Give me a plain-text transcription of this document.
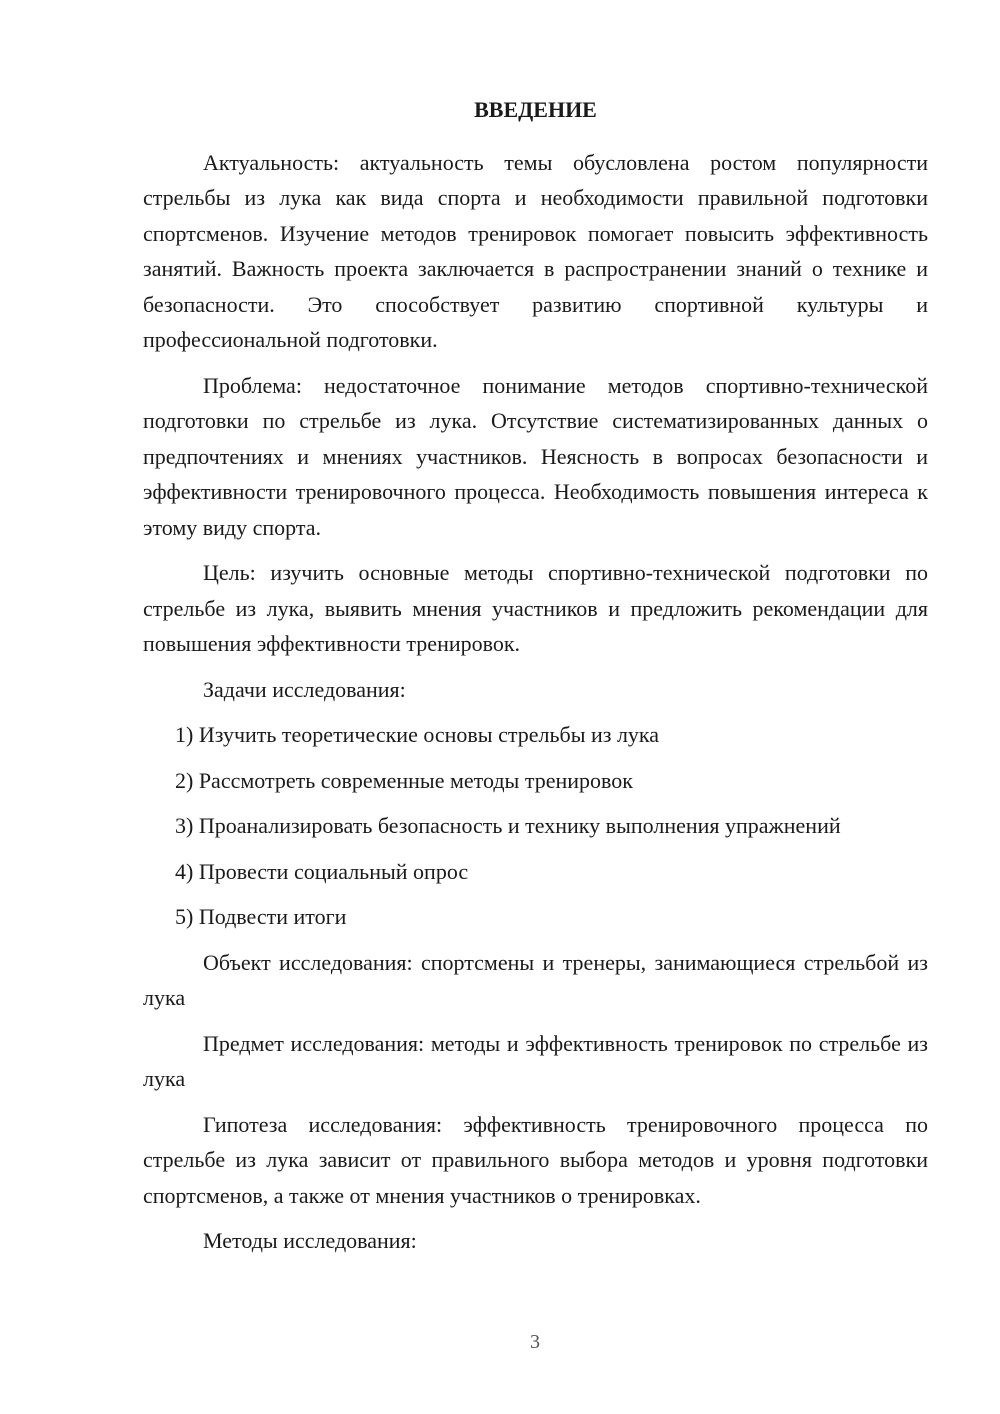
ВВЕДЕНИЕ

Актуальность: актуальность темы обусловлена ростом популярности стрельбы из лука как вида спорта и необходимости правильной подготовки спортсменов. Изучение методов тренировок помогает повысить эффективность занятий. Важность проекта заключается в распространении знаний о технике и безопасности. Это способствует развитию спортивной культуры и профессиональной подготовки.

Проблема: недостаточное понимание методов спортивно-технической подготовки по стрельбе из лука. Отсутствие систематизированных данных о предпочтениях и мнениях участников. Неясность в вопросах безопасности и эффективности тренировочного процесса. Необходимость повышения интереса к этому виду спорта.

Цель: изучить основные методы спортивно-технической подготовки по стрельбе из лука, выявить мнения участников и предложить рекомендации для повышения эффективности тренировок.

Задачи исследования:

1) Изучить теоретические основы стрельбы из лука
2) Рассмотреть современные методы тренировок
3) Проанализировать безопасность и технику выполнения упражнений
4) Провести социальный опрос
5) Подвести итоги

Объект исследования: спортсмены и тренеры, занимающиеся стрельбой из лука

Предмет исследования: методы и эффективность тренировок по стрельбе из лука

Гипотеза исследования: эффективность тренировочного процесса по стрельбе из лука зависит от правильного выбора методов и уровня подготовки спортсменов, а также от мнения участников о тренировках.

Методы исследования:

3
